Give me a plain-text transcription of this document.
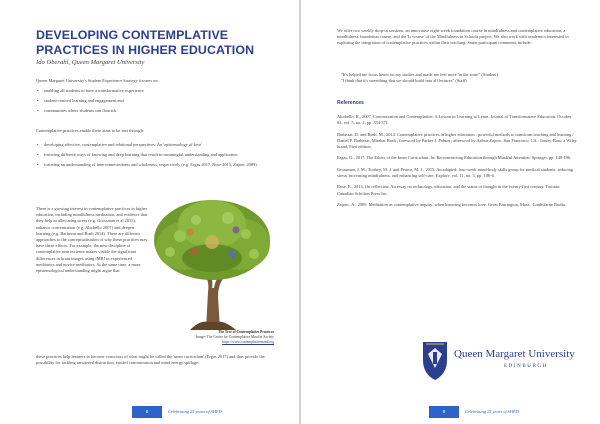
DEVELOPING CONTEMPLATIVE PRACTICES IN HIGHER EDUCATION
Ido Oberahl, Queen Margaret University
Queen Margaret University's Student Experience Strategy focuses on:
• enabling all students to have a transformative experience
• student-centred learning and engagement and
• communities where students can flourish.
Contemplative practices enable these aims to be met through:
• developing affective, contemplative and relational perspectives: An 'epistemology of love'
• fostering different ways of knowing and deep learning that result in meaningful understanding and application
• fostering an understanding of interconnectedness and wholeness, respectively (e.g. Ergas 2017, Rose 2013, Zajonc 2009).
There is a growing interest in contemplative practices in higher education, including mindfulness meditation, and evidence that they help in alleviating stress (e.g. Grossman et al 2015), enhance concentration (e.g. Altobello 2007) and deepen learning (e.g. Barbezat and Bush 2014). There are different approaches to the conceptualisation of why these practices may have these effects. For example, the new discipline of contemplative neuroscience makes visible the significant differences in brain images using fMRI in experienced meditators and novice meditators. At the same time, a more epistemological understanding might argue that
The Tree of Contemplative Practices
Image: The Center for Contemplative Mind in Society
https://www.contemplativemind.org
these practices help learners to become conscious of what might be called the 'inner curriculum' (Ergas 2017) and thus provide the possibility for tackling unwanted distraction, eroded concentration and mind energy spillage.
8	Celebrating 25 years of SHED
We offer two weekly drop-in sessions, an innovative eight-week foundation course in mindfulness and contemplative education, a mindfulness foundation course, and the 'Is course' of the Mindfulness in Schools project. We also work with academics interested in exploring the integration of contemplative practices within their teaching. Some participant comments include:
"It's helped me focus better on my studies and made me feel more 'in the zone'" (Student)
"I think that it's something that we should build into all lectures" (Staff)
References
Altobello, R., 2007. Concentration and Contemplation: A Lesson in Learning to Learn. Journal of Transformative Education. October 01, vol. 5, no. 4, pp. 354-371.
Barbezat, D. and Bush, M., 2014. Contemplative practices in higher education : powerful methods to transform teaching and learning / Daniel P. Barbezat, Mirabai Bush ; foreword by Parker J. Palmer; afterword by Arthur Zajonc. San Francisco, CA : Jossey-Bass, a Wiley brand, First edition.
Ergas, O., 2017. The Ethics of the Inner Curriculum. In: Reconstructing Education through Mindful Attention. Springer, pp. 149-196.
Grossman, J. M., Toohey, M. J. and Pearce, M. J., 2015. An adapted, four-week mind-body skills group for medical students: reducing stress, increasing mindfulness, and enhancing self-care. Explore. vol. 11, no. 3, pp. 186-6.
Rose, E., 2013. On reflection: An essay on technology, education, and the status of thought in the twenty-first century. Toronto: Canadian Scholars Press Inc.
Zajonc, A., 2009. Meditation as contemplative inquiry: when knowing becomes love. Great Barrington, Mass.: Lindisfarne Books.
Queen Margaret University
EDINBURGH
9	Celebrating 25 years of SHED
